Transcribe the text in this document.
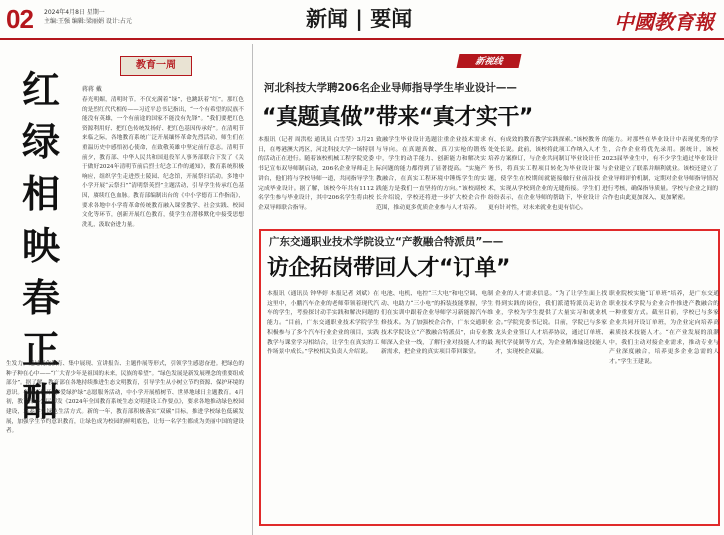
02 2024年4月8日 星期一
主编:王强 编辑:梁丽娟 设计:占元	新闻 | 要闻	中國教育報
红绿相映春正酣
教育一周
蒋蒋 戴
春光明媚，清明时节。不仅充满着“绿”，也跳跃着“红”。那红色的是烈红代代相传——习近平总书记指出，“一个有希望的民族不能没有英雄，一个有前途的国家不能没有先锋”。“我们要把红色资源利用好、把红色传统发扬好、把红色基因传承好”。在清明节来临之际，各地教育系统广泛开展缅怀革命先烈活动，师生们在重温历史中感悟初心使命，在致敬英雄中坚定前行意志。清明节前夕，教育部、中华人民共和国退役军人事务部联合下发了《关于做好2024年清明节前后烈士纪念工作的通知》，教育系统积极响应，组织学生走进烈士陵园、纪念馆，开展祭扫活动。多地中小学开展“云祭扫”“清明祭英烈”主题活动，引导学生传承红色基因，赓续红色血脉。教育部编制出台的《中小学德育工作指南》，要求各地中小学将革命传统教育融入课堂教学、社会实践、校园文化等环节，创新开展红色教育，使学生在潜移默化中接受思想洗礼，汲取奋进力量。
生发力，通过优化教育、集中展现、宣讲报告、主题作展等形式，引领学生感恩奋进。把绿色的种子种在心中——“广大青少年是祖国的未来，民族的希望”。“绿色发展是新发展理念的重要组成部分”。据了解，教育部在各地持续推进生态文明教育，引导学生从小树立节约资源、保护环境的意识。各地高校开展“爱绿护绿”志愿服务活动，中小学开展植树节、世界地球日主题教育。4月初，教育部办公厅印发《2024年全国教育系统生态文明建设工作要点》，要求各地推动绿色校园建设，培养学生绿色生活方式。新的一年，教育部积极落实“双碳”目标，推进学校绿色低碳发展，加强学生节约意识教育，让绿色成为校园的鲜明底色，让每一名学生都成为美丽中国的建设者。
新视线
河北科技大学聘206名企业导师指导学生毕业设计——
“真题真做”带来“真才实干”
本报讯（记者 周洪松 通讯员 白雪莹）3月21日，在粤港澳大湾区，河北科技大学一场特别的活动正在进行。随着该校机械工程学院党委书记宣布双导师制启动，206名企业导师走上讲台，他们将与学校导师一道，共同指导学生完成毕业设计。据了解，该校今年共有1112名学生参与毕业设计，其中206名学生将由校企双导师联合指导。
致融学生毕业设计选题注重企业技术需求与导向。在真题真做、真刀实枪的锻炼中，学生的动手能力、创新能力和解决实际问题的能力都得到了显著提高。“实施产教融合，在真实工程环境中锤炼学生的实践能力是我们一直坚持的方向。”该校副校长介绍说，学校还将进一步扩大校企合作范围，推动更多优质企业参与人才培养。
有、有成效的教育教学实践探索。”该校教务处处长说。此前，该校将此项工作纳入人才培养方案修订，与企业共同制订毕业设计任务书，将真实工程项目转化为毕业设计课题，使学生在校期间就能接触行业前沿技术，实现从学校到企业的无缝衔接。学生们纷纷表示，在企业导师的帮助下，毕业设计更有针对性，对未来就业也更有信心。
的能力。对那些在毕业设计中表现优秀的学生，合作企业将优先录用。据统计，该校2023届毕业生中，有不少学生通过毕业设计与企业建立了联系并顺利就业。该校还建立了企业导师评价机制，定期对企业导师指导情况进行考核，确保指导质量。学校与企业之间的合作也由此更加深入、更加紧密。
广东交通职业技术学院设立“产教融合特派员”——
访企拓岗带回人才“订单”
本报讯（通讯员 钟华婷 本报记者 刘斌）在这里中，小鹏汽车企业的老师带领着现代汽车的学生，考验探讨动手实践和解决问题的能力。“目前，广东交通职业技术学院学生积极参与了多个汽车行业企业的项目，实践教学与课堂学习相结合，让学生在真实的工作场景中成长。”学校相关负责人介绍说。
电池、电机、电控“三大电”和电空调、电制动、电助力“三小电”的拆装技能掌握，学生们在实训中跟着企业导师学习新能源汽车维修技术。为了加强校企合作，广东交通职业技术学院设立“产教融合特派员”，由专业教师深入企业一线，了解行业对技能人才的最新需求，把企业的真实项目带回课堂。
企业的人才需求信息。“为了让学生面上找得到实践的岗位，我们派遣特派员走访企业，学校为学生提供了大量实习和就业机会。”学院党委书记说。目前，学院已与多家龙头企业签订人才培养协议，通过订单班、现代学徒制等方式，为企业精准输送技能人才，实现校企双赢。
职业院校实施“订单班”培养，是广东交通职业技术学院与企业合作推进产教融合的一种重要方式。截至目前，学校已与多家企业共同开设订单班，为企业定向培养高素质技术技能人才。“在产业发展的浪潮中，我们主动对接企业需求，推动专业与产业深度融合，培养更多企业急需的人才。”学生王建说。
